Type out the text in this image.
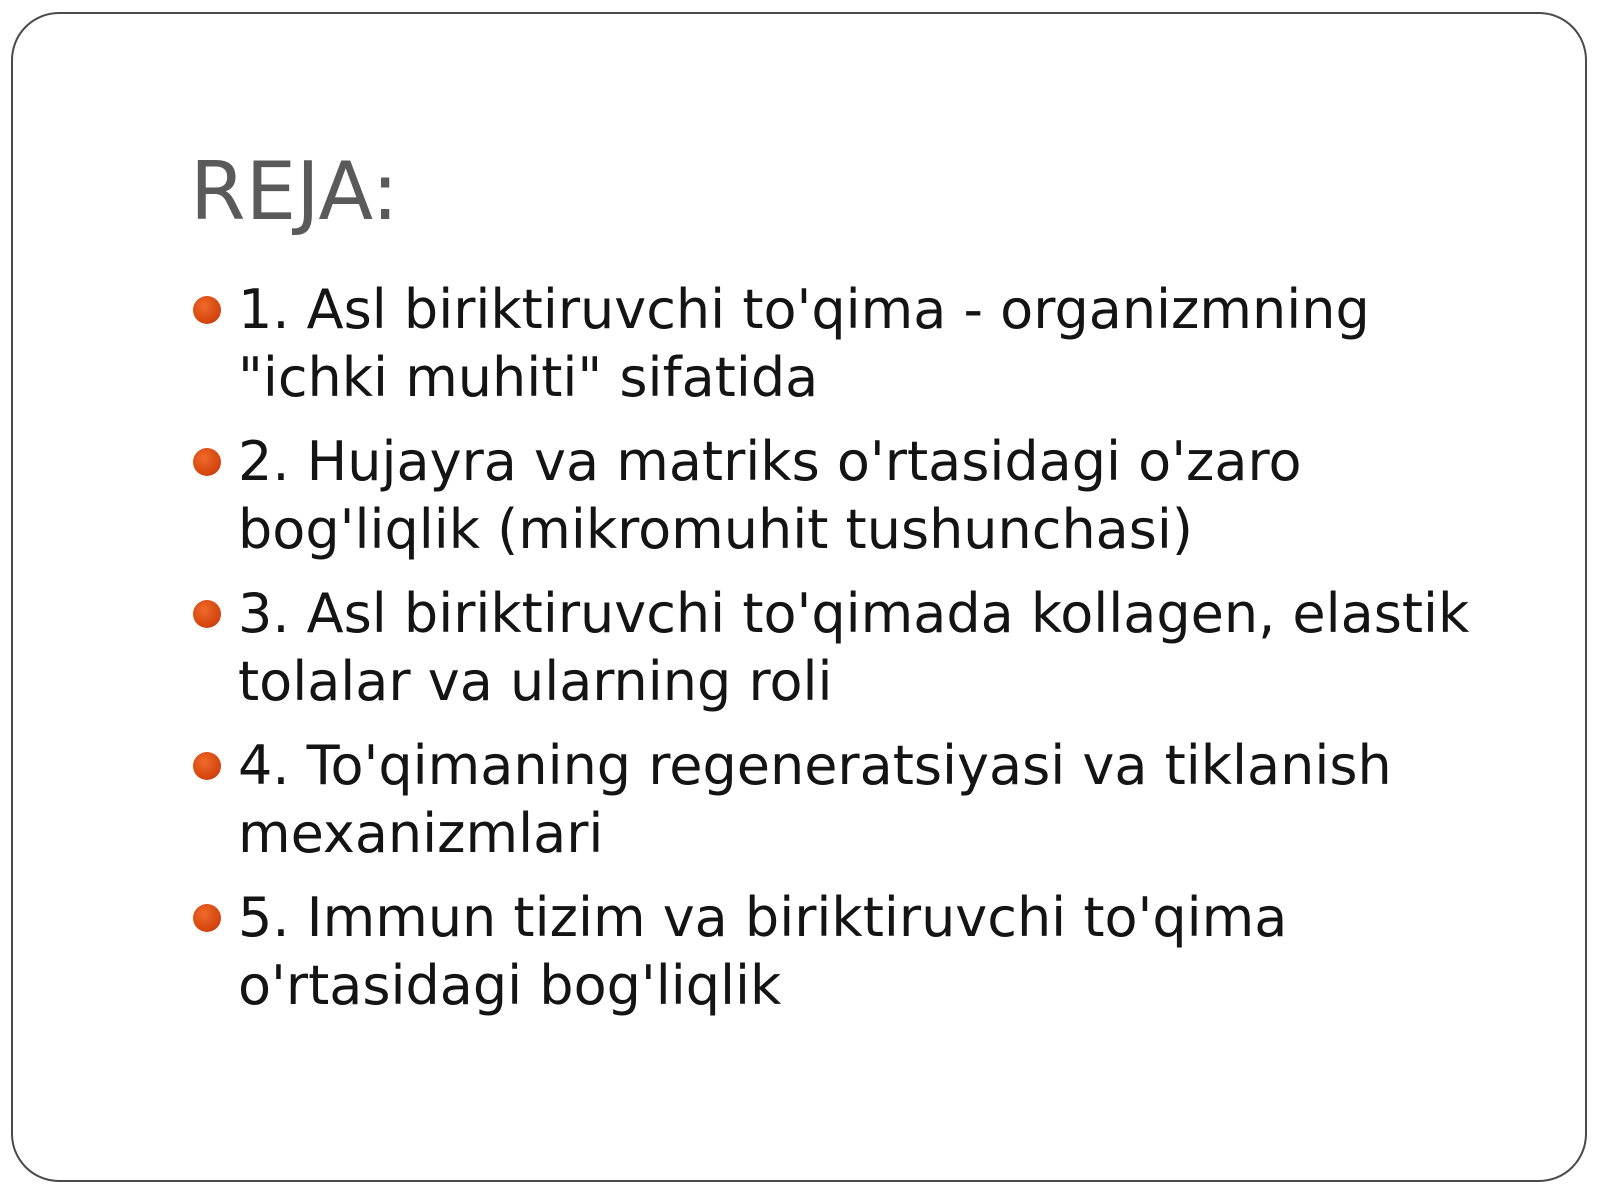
REJA:
1. Asl biriktiruvchi to'qima - organizmning "ichki muhiti" sifatida
2. Hujayra va matriks o'rtasidagi o'zaro bog'liqlik (mikromuhit tushunchasi)
3. Asl biriktiruvchi to'qimada kollagen, elastik tolalar va ularning roli
4. To'qimaning regeneratsiyasi va tiklanish mexanizmlari
5. Immun tizim va biriktiruvchi to'qima o'rtasidagi bog'liqlik
